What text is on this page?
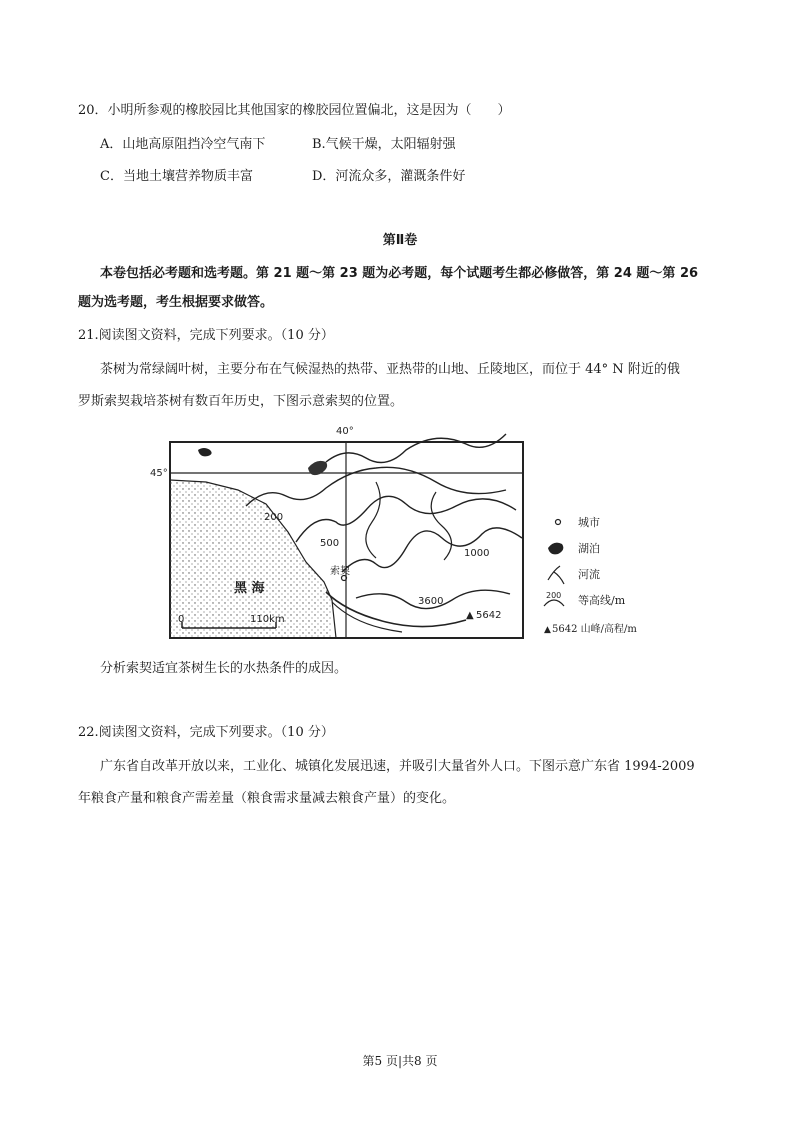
20．小明所参观的橡胶园比其他国家的橡胶园位置偏北，这是因为（　　）
A．山地高原阻挡冷空气南下	B.气候干燥，太阳辐射强
C．当地土壤营养物质丰富	D．河流众多，灌溉条件好
第Ⅱ卷
本卷包括必考题和选考题。第 21 题～第 23 题为必考题，每个试题考生都必修做答，第 24 题～第 26
题为选考题，考生根据要求做答。
21.阅读图文资料，完成下列要求。（10 分）
茶树为常绿阔叶树，主要分布在气候湿热的热带、亚热带的山地、丘陵地区，而位于 44° N 附近的俄
罗斯索契栽培茶树有数百年历史，下图示意索契的位置。
40°
45°
黑 海
200
500
1000
3600
索契
▲ 5642
0	110km
城市
湖泊
河流
200 等高线/m
▲ 5642 山峰/高程/m
分析索契适宜茶树生长的水热条件的成因。
22.阅读图文资料，完成下列要求。（10 分）
广东省自改革开放以来，工业化、城镇化发展迅速，并吸引大量省外人口。下图示意广东省 1994-2009
年粮食产量和粮食产需差量（粮食需求量减去粮食产量）的变化。
第5 页|共8 页
